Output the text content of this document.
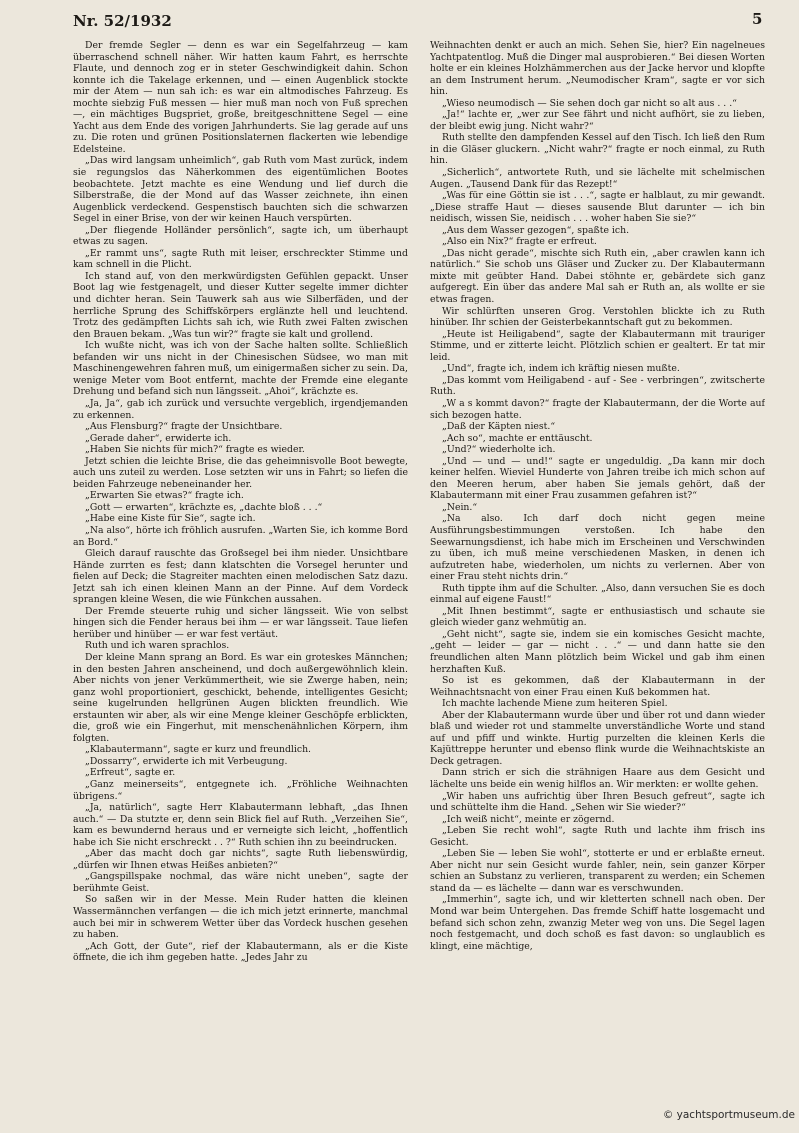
Nr. 52/1932	5

Der fremde Segler — denn es war ein Segelfahrzeug — kam überraschend schnell näher. Wir hatten kaum Fahrt, es herrschte Flaute, und dennoch zog er in steter Geschwindigkeit dahin. Schon konnte ich die Takelage erkennen, und — einen Augenblick stockte mir der Atem — nun sah ich: es war ein altmodisches Fahrzeug. Es mochte siebzig Fuß messen — hier muß man noch von Fuß sprechen —, ein mächtiges Bugspriet, große, breitgeschnittene Segel — eine Yacht aus dem Ende des vorigen Jahrhunderts. Sie lag gerade auf uns zu. Die roten und grünen Positionslaternen flackerten wie lebendige Edelsteine.

„Das wird langsam unheimlich“, gab Ruth vom Mast zurück, indem sie regungslos das Näherkommen des eigentümlichen Bootes beobachtete. Jetzt machte es eine Wendung und lief durch die Silberstraße, die der Mond auf das Wasser zeichnete, ihn einen Augenblick verdeckend. Gespenstisch bauchten sich die schwarzen Segel in einer Brise, von der wir keinen Hauch verspürten.

„Der fliegende Holländer persönlich“, sagte ich, um überhaupt etwas zu sagen.

„Er rammt uns“, sagte Ruth mit leiser, erschreckter Stimme und kam schnell in die Plicht.

Ich stand auf, von den merkwürdigsten Gefühlen gepackt. Unser Boot lag wie festgenagelt, und dieser Kutter segelte immer dichter und dichter heran. Sein Tauwerk sah aus wie Silberfäden, und der herrliche Sprung des Schiffskörpers erglänzte hell und leuchtend. Trotz des gedämpften Lichts sah ich, wie Ruth zwei Falten zwischen den Brauen bekam. „Was tun wir?“ fragte sie kalt und grollend.

Ich wußte nicht, was ich von der Sache halten sollte. Schließlich befanden wir uns nicht in der Chinesischen Südsee, wo man mit Maschinengewehren fahren muß, um einigermaßen sicher zu sein. Da, wenige Meter vom Boot entfernt, machte der Fremde eine elegante Drehung und befand sich nun längsseit. „Ahoi“, krächzte es.

„Ja, Ja“, gab ich zurück und versuchte vergeblich, irgendjemanden zu erkennen.

„Aus Flensburg?“ fragte der Unsichtbare.

„Gerade daher“, erwiderte ich.

„Haben Sie nichts für mich?“ fragte es wieder.

Jetzt schien die leichte Brise, die das geheimnisvolle Boot bewegte, auch uns zuteil zu werden. Lose setzten wir uns in Fahrt; so liefen die beiden Fahrzeuge nebeneinander her.

„Erwarten Sie etwas?“ fragte ich.

„Gott — erwarten“, krächzte es, „dachte bloß . . .“

„Habe eine Kiste für Sie“, sagte ich.

„Na also“, hörte ich fröhlich ausrufen. „Warten Sie, ich komme Bord an Bord.“

Gleich darauf rauschte das Großsegel bei ihm nieder. Unsichtbare Hände zurrten es fest; dann klatschten die Vorsegel herunter und fielen auf Deck; die Stagreiter machten einen melodischen Satz dazu. Jetzt sah ich einen kleinen Mann an der Pinne. Auf dem Vordeck sprangen kleine Wesen, die wie Fünkchen aussahen.

Der Fremde steuerte ruhig und sicher längsseit. Wie von selbst hingen sich die Fender heraus bei ihm — er war längsseit. Taue liefen herüber und hinüber — er war fest vertäut.

Ruth und ich waren sprachlos.

Der kleine Mann sprang an Bord. Es war ein groteskes Männchen; in den besten Jahren anscheinend, und doch außergewöhnlich klein. Aber nichts von jener Verkümmertheit, wie sie Zwerge haben, nein; ganz wohl proportioniert, geschickt, behende, intelligentes Gesicht; seine kugelrunden hellgrünen Augen blickten freundlich. Wie erstaunten wir aber, als wir eine Menge kleiner Geschöpfe erblickten, die, groß wie ein Fingerhut, mit menschenähnlichen Körpern, ihm folgten.

„Klabautermann“, sagte er kurz und freundlich.

„Dossarry“, erwiderte ich mit Verbeugung.

„Erfreut“, sagte er.

„Ganz meinerseits“, entgegnete ich. „Fröhliche Weihnachten übrigens.“

„Ja, natürlich“, sagte Herr Klabautermann lebhaft, „das Ihnen auch.“ — Da stutzte er, denn sein Blick fiel auf Ruth. „Verzeihen Sie“, kam es bewundernd heraus und er verneigte sich leicht, „hoffentlich habe ich Sie nicht erschreckt . . ?“ Ruth schien ihn zu beeindrucken.

„Aber das macht doch gar nichts“, sagte Ruth liebenswürdig, „dürfen wir Ihnen etwas Heißes anbieten?“

„Gangspillspake nochmal, das wäre nicht uneben“, sagte der berühmte Geist.

So saßen wir in der Messe. Mein Ruder hatten die kleinen Wassermännchen verfangen — die ich mich jetzt erinnerte, manchmal auch bei mir in schwerem Wetter über das Vordeck huschen gesehen zu haben.

„Ach Gott, der Gute“, rief der Klabautermann, als er die Kiste öffnete, die ich ihm gegeben hatte. „Jedes Jahr zu

Weihnachten denkt er auch an mich. Sehen Sie, hier? Ein nagelneues Yachtpatentlog. Muß die Dinger mal ausprobieren.“ Bei diesen Worten holte er ein kleines Holzhämmerchen aus der Jacke hervor und klopfte an dem Instrument herum. „Neumodischer Kram“, sagte er vor sich hin.

„Wieso neumodisch — Sie sehen doch gar nicht so alt aus . . .“

„Ja!“ lachte er, „wer zur See fährt und nicht aufhört, sie zu lieben, der bleibt ewig jung. Nicht wahr?“

Ruth stellte den dampfenden Kessel auf den Tisch. Ich ließ den Rum in die Gläser gluckern. „Nicht wahr?“ fragte er noch einmal, zu Ruth hin.

„Sicherlich“, antwortete Ruth, und sie lächelte mit schelmischen Augen. „Tausend Dank für das Rezept!“

„Was für eine Göttin sie ist . . .“, sagte er halblaut, zu mir gewandt. „Diese straffe Haut — dieses sausende Blut darunter — ich bin neidisch, wissen Sie, neidisch . . . woher haben Sie sie?“

„Aus dem Wasser gezogen“, spaßte ich.

„Also ein Nix?“ fragte er erfreut.

„Das nicht gerade“, mischte sich Ruth ein, „aber crawlen kann ich natürlich.“ Sie schob uns Gläser und Zucker zu. Der Klabautermann mixte mit geübter Hand. Dabei stöhnte er, gebärdete sich ganz aufgeregt. Ein über das andere Mal sah er Ruth an, als wollte er sie etwas fragen.

Wir schlürften unseren Grog. Verstohlen blickte ich zu Ruth hinüber. Ihr schien der Geisterbekanntschaft gut zu bekommen.

„Heute ist Heiligabend“, sagte der Klabautermann mit trauriger Stimme, und er zitterte leicht. Plötzlich schien er gealtert. Er tat mir leid.

„Und“, fragte ich, indem ich kräftig niesen mußte.

„Das kommt vom Heiligabend - auf - See - verbringen“, zwitscherte Ruth.

„W a s kommt davon?“ fragte der Klabautermann, der die Worte auf sich bezogen hatte.

„Daß der Käpten niest.“

„Ach so“, machte er enttäuscht.

„Und?“ wiederholte ich.

„Und — und — und!“ sagte er ungeduldig. „Da kann mir doch keiner helfen. Wieviel Hunderte von Jahren treibe ich mich schon auf den Meeren herum, aber haben Sie jemals gehört, daß der Klabautermann mit einer Frau zusammen gefahren ist?“

„Nein.“

„Na also. Ich darf doch nicht gegen meine Ausführungsbestimmungen verstoßen. Ich habe den Seewarnungsdienst, ich habe mich im Erscheinen und Verschwinden zu üben, ich muß meine verschiedenen Masken, in denen ich aufzutreten habe, wiederholen, um nichts zu verlernen. Aber von einer Frau steht nichts drin.“

Ruth tippte ihm auf die Schulter. „Also, dann versuchen Sie es doch einmal auf eigene Faust!“

„Mit Ihnen bestimmt“, sagte er enthusiastisch und schaute sie gleich wieder ganz wehmütig an.

„Geht nicht“, sagte sie, indem sie ein komisches Gesicht machte, „geht — leider — gar — nicht . . .“ — und dann hatte sie den freundlichen alten Mann plötzlich beim Wickel und gab ihm einen herzhaften Kuß.

So ist es gekommen, daß der Klabautermann in der Weihnachtsnacht von einer Frau einen Kuß bekommen hat.

Ich machte lachende Miene zum heiteren Spiel.

Aber der Klabautermann wurde über und über rot und dann wieder blaß und wieder rot und stammelte unverständliche Worte und stand auf und pfiff und winkte. Hurtig purzelten die kleinen Kerls die Kajüttreppe herunter und ebenso flink wurde die Weihnachtskiste an Deck getragen.

Dann strich er sich die strähnigen Haare aus dem Gesicht und lächelte uns beide ein wenig hilflos an. Wir merkten: er wollte gehen.

„Wir haben uns aufrichtig über Ihren Besuch gefreut“, sagte ich und schüttelte ihm die Hand. „Sehen wir Sie wieder?“

„Ich weiß nicht“, meinte er zögernd.

„Leben Sie recht wohl“, sagte Ruth und lachte ihm frisch ins Gesicht.

„Leben Sie — leben Sie wohl“, stotterte er und er erblaßte erneut. Aber nicht nur sein Gesicht wurde fahler, nein, sein ganzer Körper schien an Substanz zu verlieren, transparent zu werden; ein Schemen stand da — es lächelte — dann war es verschwunden.

„Immerhin“, sagte ich, und wir kletterten schnell nach oben. Der Mond war beim Untergehen. Das fremde Schiff hatte losgemacht und befand sich schon zehn, zwanzig Meter weg von uns. Die Segel lagen noch festgemacht, und doch schoß es fast davon: so unglaublich es klingt, eine mächtige,

© yachtsportmuseum.de
